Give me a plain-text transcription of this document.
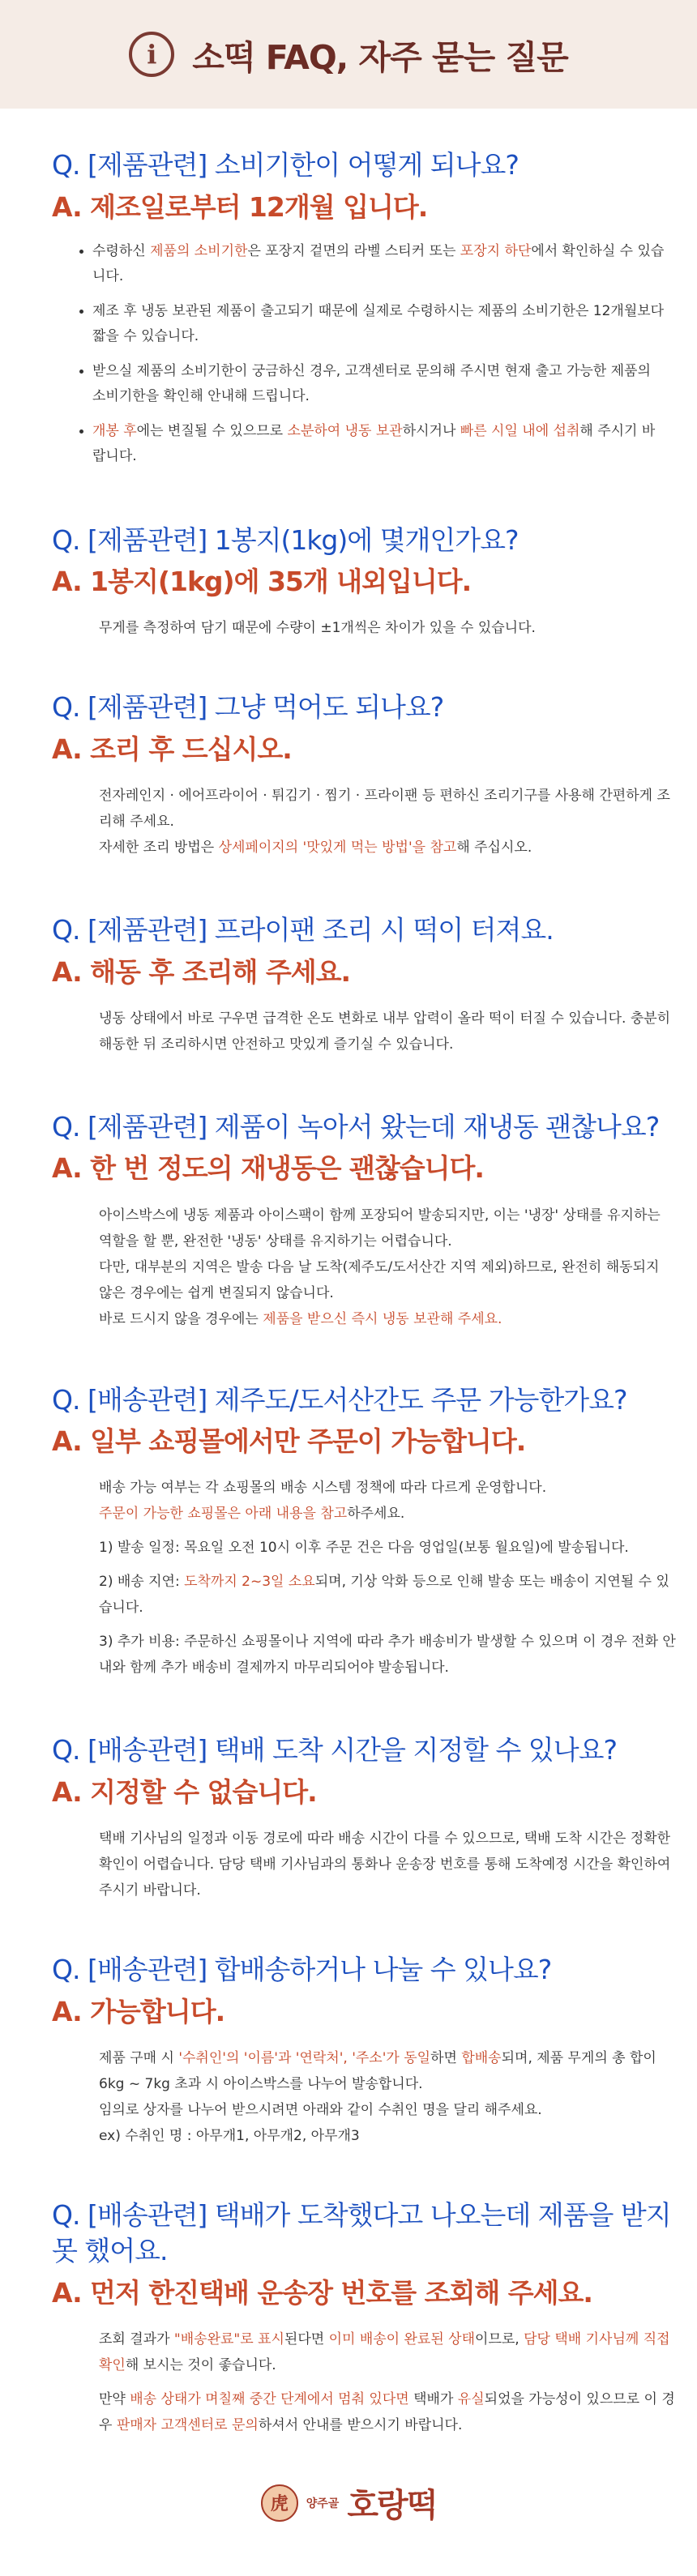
i	소떡 FAQ, 자주 묻는 질문
Q. [제품관련] 소비기한이 어떻게 되나요?
A. 제조일로부터 12개월 입니다.
수령하신 제품의 소비기한은 포장지 겉면의 라벨 스티커 또는 포장지 하단에서 확인하실 수 있습니다.
제조 후 냉동 보관된 제품이 출고되기 때문에 실제로 수령하시는 제품의 소비기한은 12개월보다 짧을 수 있습니다.
받으실 제품의 소비기한이 궁금하신 경우, 고객센터로 문의해 주시면 현재 출고 가능한 제품의 소비기한을 확인해 안내해 드립니다.
개봉 후에는 변질될 수 있으므로 소분하여 냉동 보관하시거나 빠른 시일 내에 섭취해 주시기 바랍니다.
Q. [제품관련] 1봉지(1kg)에 몇개인가요?
A. 1봉지(1kg)에 35개 내외입니다.

무게를 측정하여 담기 때문에 수량이 ±1개씩은 차이가 있을 수 있습니다.

Q. [제품관련] 그냥 먹어도 되나요?
A. 조리 후 드십시오.

전자레인지 · 에어프라이어 · 튀김기 · 찜기 · 프라이팬 등 편하신 조리기구를 사용해 간편하게 조리해 주세요.

자세한 조리 방법은 상세페이지의 '맛있게 먹는 방법'을 참고해 주십시오.

Q. [제품관련] 프라이팬 조리 시 떡이 터져요.
A. 해동 후 조리해 주세요.

냉동 상태에서 바로 구우면 급격한 온도 변화로 내부 압력이 올라 떡이 터질 수 있습니다. 충분히 해동한 뒤 조리하시면 안전하고 맛있게 즐기실 수 있습니다.

Q. [제품관련] 제품이 녹아서 왔는데 재냉동 괜찮나요?
A. 한 번 정도의 재냉동은 괜찮습니다.

아이스박스에 냉동 제품과 아이스팩이 함께 포장되어 발송되지만, 이는 '냉장' 상태를 유지하는 역할을 할 뿐, 완전한 '냉동' 상태를 유지하기는 어렵습니다.

다만, 대부분의 지역은 발송 다음 날 도착(제주도/도서산간 지역 제외)하므로, 완전히 해동되지 않은 경우에는 쉽게 변질되지 않습니다.

바로 드시지 않을 경우에는 제품을 받으신 즉시 냉동 보관해 주세요.

Q. [배송관련] 제주도/도서산간도 주문 가능한가요?
A. 일부 쇼핑몰에서만 주문이 가능합니다.

배송 가능 여부는 각 쇼핑몰의 배송 시스템 정책에 따라 다르게 운영합니다.

주문이 가능한 쇼핑몰은 아래 내용을 참고하주세요.

1) 발송 일정: 목요일 오전 10시 이후 주문 건은 다음 영업일(보통 월요일)에 발송됩니다.

2) 배송 지연: 도착까지 2~3일 소요되며, 기상 악화 등으로 인해 발송 또는 배송이 지연될 수 있습니다.

3) 추가 비용: 주문하신 쇼핑몰이나 지역에 따라 추가 배송비가 발생할 수 있으며 이 경우 전화 안내와 함께 추가 배송비 결제까지 마무리되어야 발송됩니다.

Q. [배송관련] 택배 도착 시간을 지정할 수 있나요?
A. 지정할 수 없습니다.

택배 기사님의 일정과 이동 경로에 따라 배송 시간이 다를 수 있으므로, 택배 도착 시간은 정확한 확인이 어렵습니다. 담당 택배 기사님과의 통화나 운송장 번호를 통해 도착예정 시간을 확인하여 주시기 바랍니다.

Q. [배송관련] 합배송하거나 나눌 수 있나요?
A. 가능합니다.

제품 구매 시 '수취인'의 '이름'과 '연락처', '주소'가 동일하면 합배송되며, 제품 무게의 총 합이 6kg ~ 7kg 초과 시 아이스박스를 나누어 발송합니다.

임의로 상자를 나누어 받으시려면 아래와 같이 수취인 명을 달리 해주세요.

ex) 수취인 명 : 아무개1, 아무개2, 아무개3

Q. [배송관련] 택배가 도착했다고 나오는데 제품을 받지 못 했어요.
A. 먼저 한진택배 운송장 번호를 조회해 주세요.

조회 결과가 "배송완료"로 표시된다면 이미 배송이 완료된 상태이므로, 담당 택배 기사님께 직접 확인해 보시는 것이 좋습니다.

만약 배송 상태가 며칠째 중간 단계에서 멈춰 있다면 택배가 유실되었을 가능성이 있으므로 이 경우 판매자 고객센터로 문의하셔서 안내를 받으시기 바랍니다.

虎	양주골 호랑떡
